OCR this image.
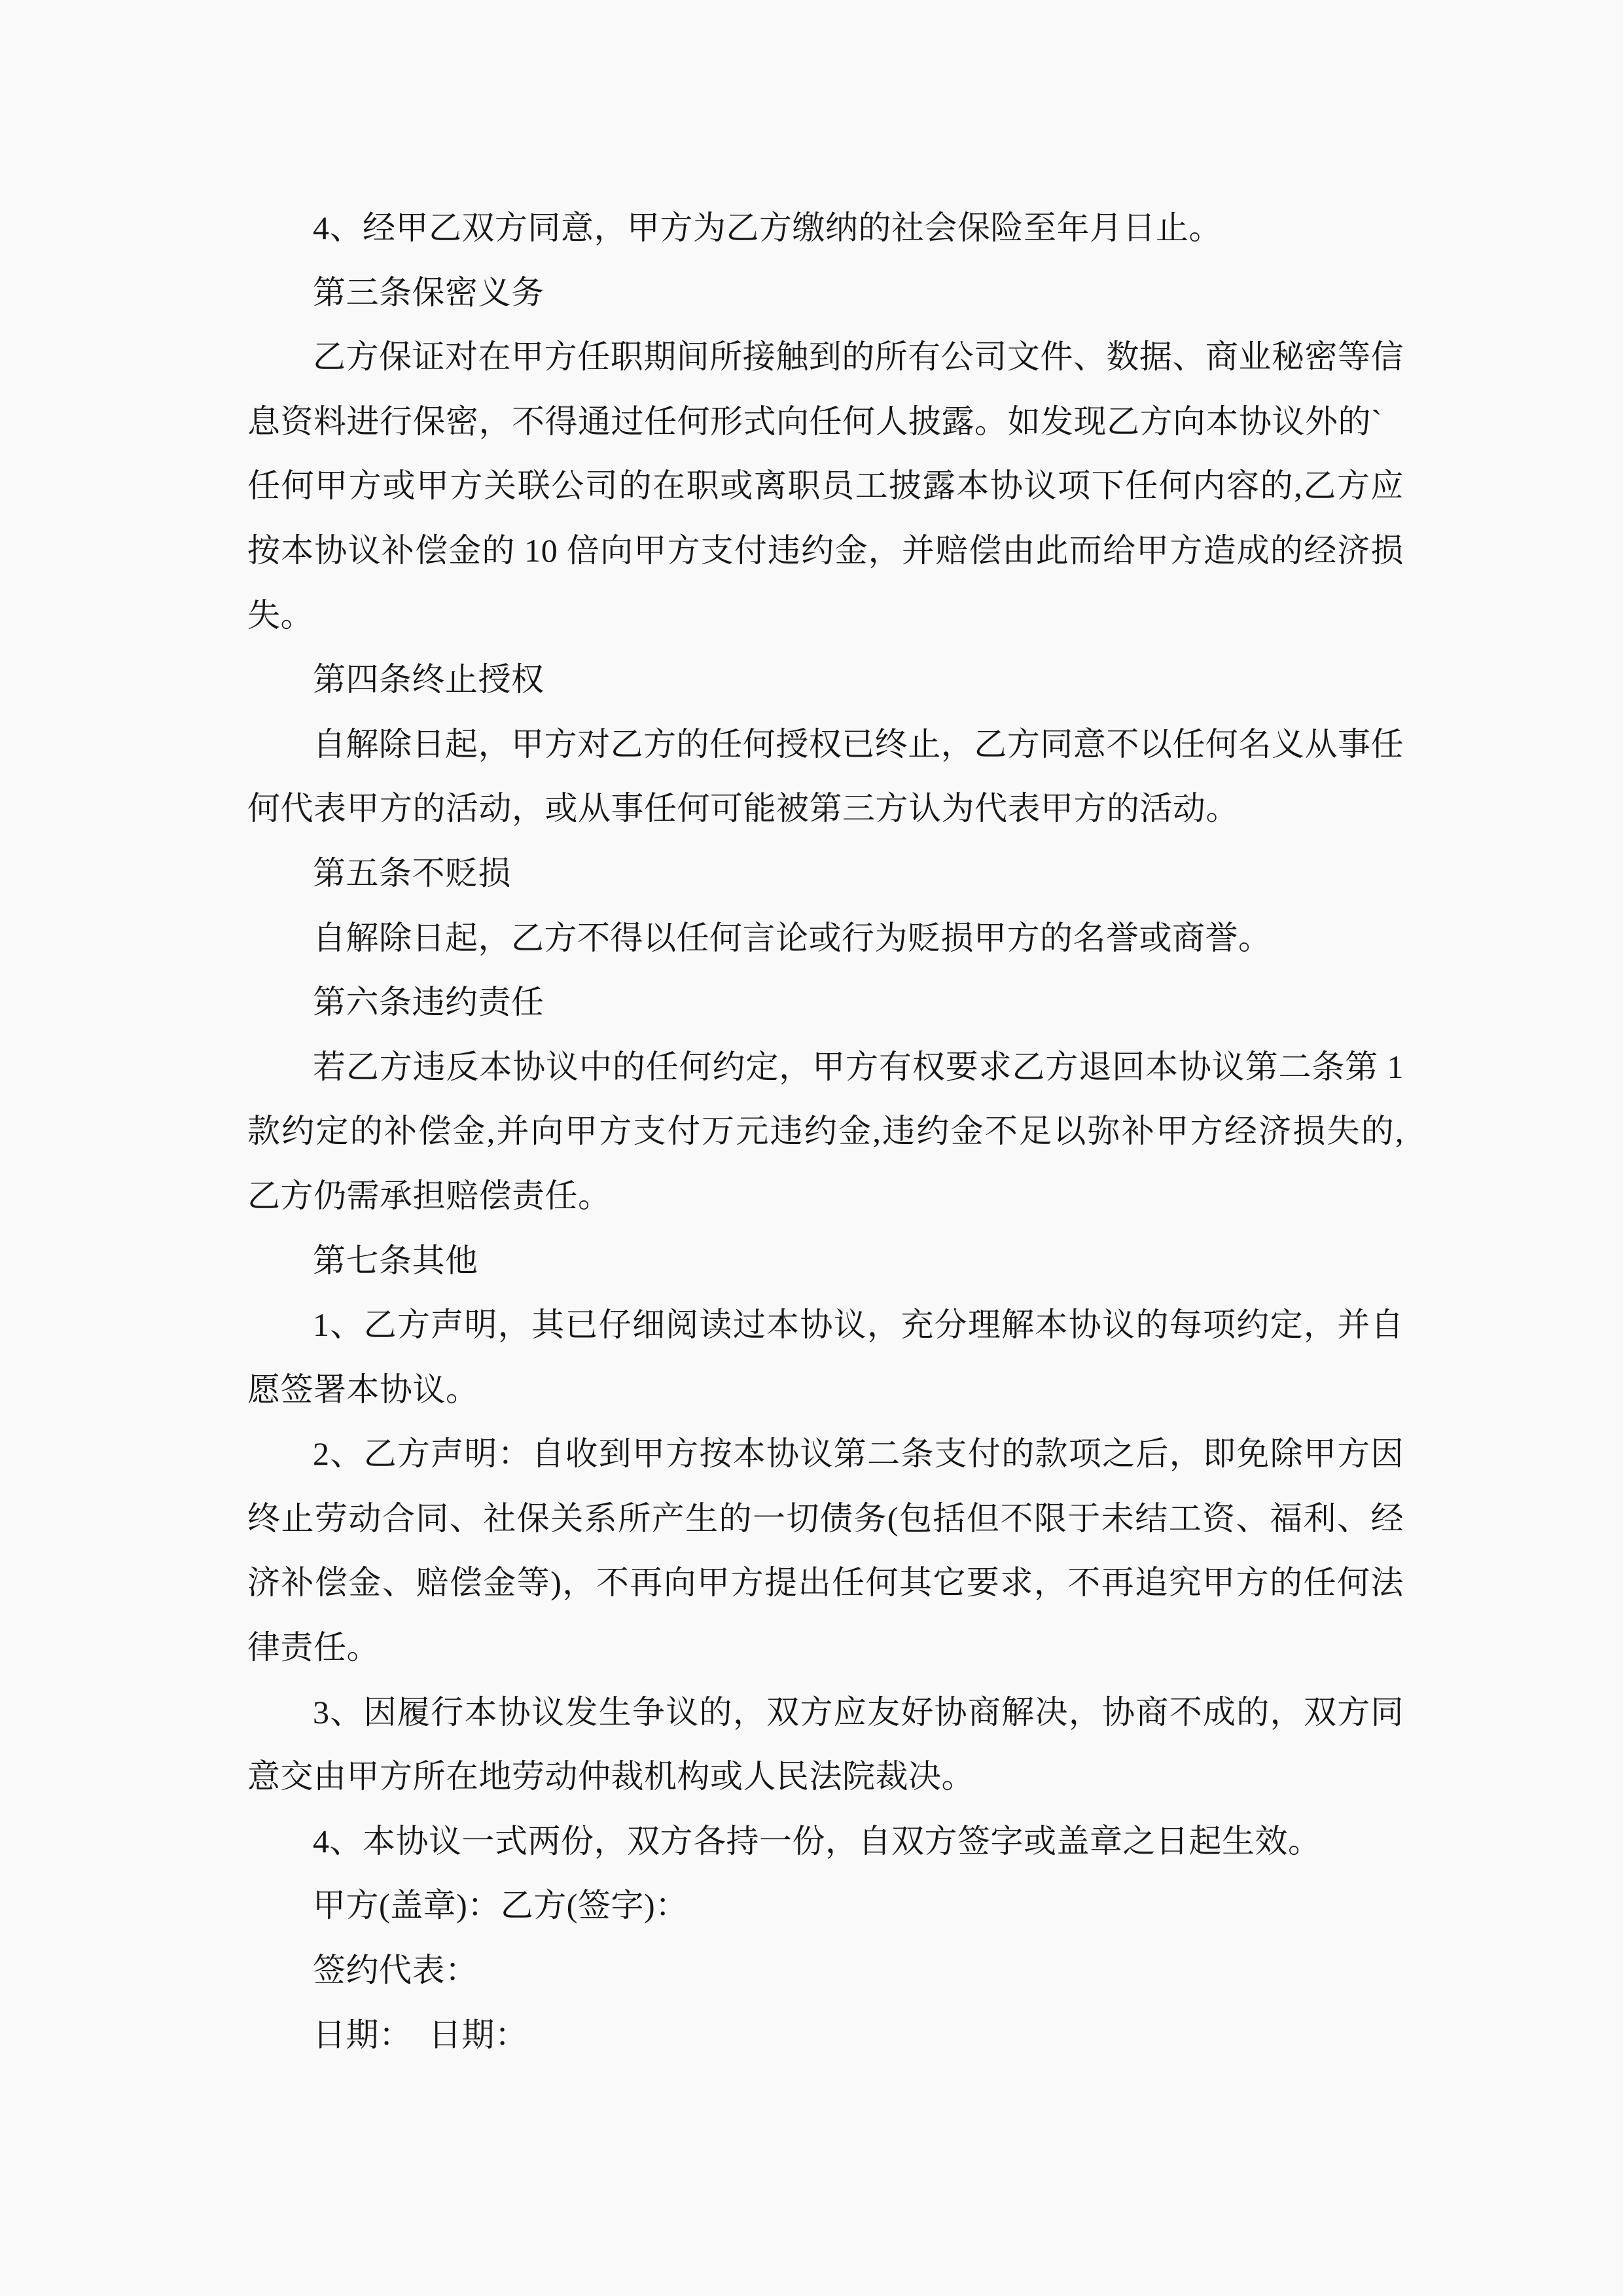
4、经甲乙双方同意，甲方为乙方缴纳的社会保险至年月日止。
第三条保密义务
乙方保证对在甲方任职期间所接触到的所有公司文件、数据、商业秘密等信
息资料进行保密，不得通过任何形式向任何人披露。如发现乙方向本协议外的`
任何甲方或甲方关联公司的在职或离职员工披露本协议项下任何内容的,乙方应
按本协议补偿金的 10 倍向甲方支付违约金，并赔偿由此而给甲方造成的经济损
失。
第四条终止授权
自解除日起，甲方对乙方的任何授权已终止，乙方同意不以任何名义从事任
何代表甲方的活动，或从事任何可能被第三方认为代表甲方的活动。
第五条不贬损
自解除日起，乙方不得以任何言论或行为贬损甲方的名誉或商誉。
第六条违约责任
若乙方违反本协议中的任何约定，甲方有权要求乙方退回本协议第二条第 1
款约定的补偿金,并向甲方支付万元违约金,违约金不足以弥补甲方经济损失的,
乙方仍需承担赔偿责任。
第七条其他
1、乙方声明，其已仔细阅读过本协议，充分理解本协议的每项约定，并自
愿签署本协议。
2、乙方声明：自收到甲方按本协议第二条支付的款项之后，即免除甲方因
终止劳动合同、社保关系所产生的一切债务(包括但不限于未结工资、福利、经
济补偿金、赔偿金等)，不再向甲方提出任何其它要求，不再追究甲方的任何法
律责任。
3、因履行本协议发生争议的，双方应友好协商解决，协商不成的，双方同
意交由甲方所在地劳动仲裁机构或人民法院裁决。
4、本协议一式两份，双方各持一份，自双方签字或盖章之日起生效。
甲方(盖章)：乙方(签字)：
签约代表：
日期：　日期：
